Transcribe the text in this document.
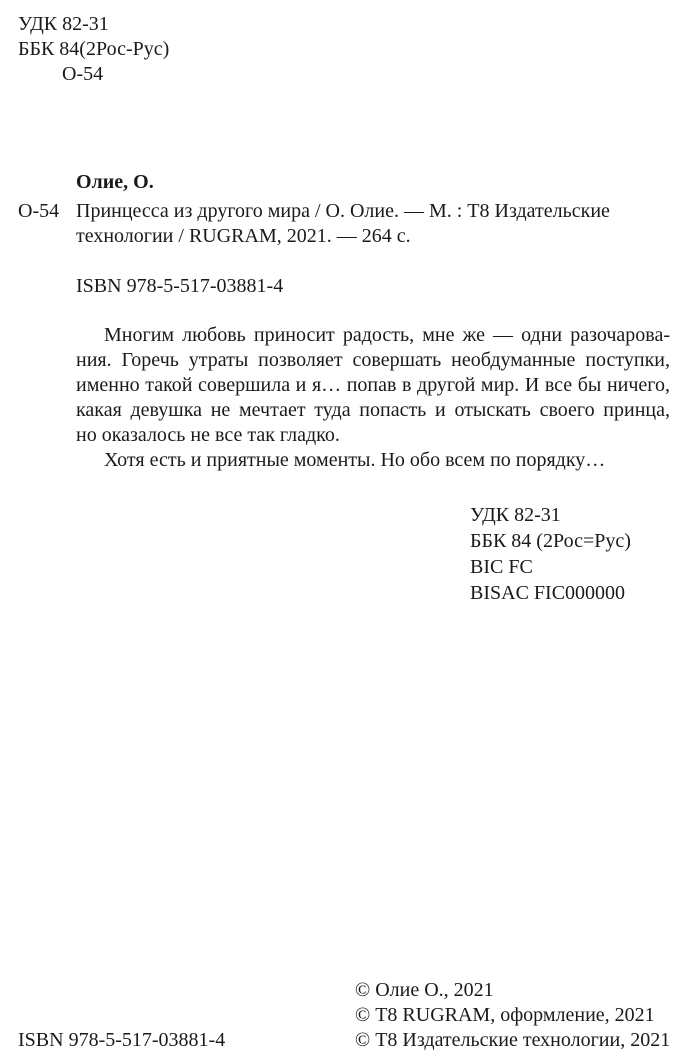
УДК 82-31
ББК 84(2Рос-Рус)
О-54
Олие, О.
О-54 Принцесса из другого мира / О. Олие. — М. : Т8 Издательские
технологии / RUGRAM, 2021. — 264 с.
ISBN 978-5-517-03881-4
Многим любовь приносит радость, мне же — одни разочарова-
ния. Горечь утраты позволяет совершать необдуманные поступки,
именно такой совершила и я… попав в другой мир. И все бы ничего,
какая девушка не мечтает туда попасть и отыскать своего принца,
но оказалось не все так гладко.
Хотя есть и приятные моменты. Но обо всем по порядку…
УДК 82-31
ББК 84 (2Рос=Рус)
BIC FC
BISAC FIC000000
© Олие О., 2021
© Т8 RUGRAM, оформление, 2021
© Т8 Издательские технологии, 2021
ISBN 978-5-517-03881-4
